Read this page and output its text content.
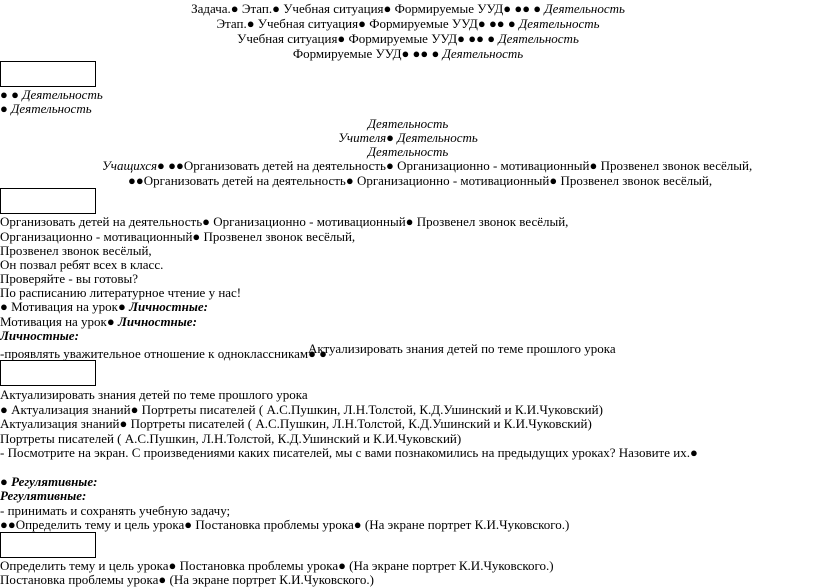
Задача.● Этап.● Учебная ситуация● Формируемые УУД● ●● ● Деятельность
Этап.● Учебная ситуация● Формируемые УУД● ●● ● Деятельность
Учебная ситуация● Формируемые УУД● ●● ● Деятельность
Формируемые УУД● ●● ● Деятельность
● ● Деятельность
● Деятельность
Деятельность
Учителя● Деятельность
Деятельность
Учащихся● ●●Организовать детей на деятельность● Организационно - мотивационный● Прозвенел звонок весёлый,
●●Организовать детей на деятельность● Организационно - мотивационный● Прозвенел звонок весёлый,
Организовать детей на деятельность● Организационно - мотивационный● Прозвенел звонок весёлый,
Организационно - мотивационный● Прозвенел звонок весёлый,
Прозвенел звонок весёлый,
Он позвал ребят всех в класс.
Проверяйте - вы готовы?
По расписанию литературное чтение у нас!
● Мотивация на урок● Личностные:
Мотивация на урок● Личностные:
Личностные:
-проявлять уважительное отношение к одноклассникам● ●
Актуализировать знания детей по теме прошлого урока
Актуализировать знания детей по теме прошлого урока
● Актуализация знаний● Портреты писателей ( А.С.Пушкин, Л.Н.Толстой, К.Д.Ушинский и К.И.Чуковский)
Актуализация знаний● Портреты писателей ( А.С.Пушкин, Л.Н.Толстой, К.Д.Ушинский и К.И.Чуковский)
Портреты писателей ( А.С.Пушкин, Л.Н.Толстой, К.Д.Ушинский и К.И.Чуковский)
- Посмотрите на экран. С произведениями каких писателей, мы с вами познакомились на предыдущих уроках? Назовите их.●
● Регулятивные:
Регулятивные:
- принимать и сохранять учебную задачу;
●●Определить тему и цель урока● Постановка проблемы урока● (На экране портрет К.И.Чуковского.)
Определить тему и цель урока● Постановка проблемы урока● (На экране портрет К.И.Чуковского.)
Постановка проблемы урока● (На экране портрет К.И.Чуковского.)
